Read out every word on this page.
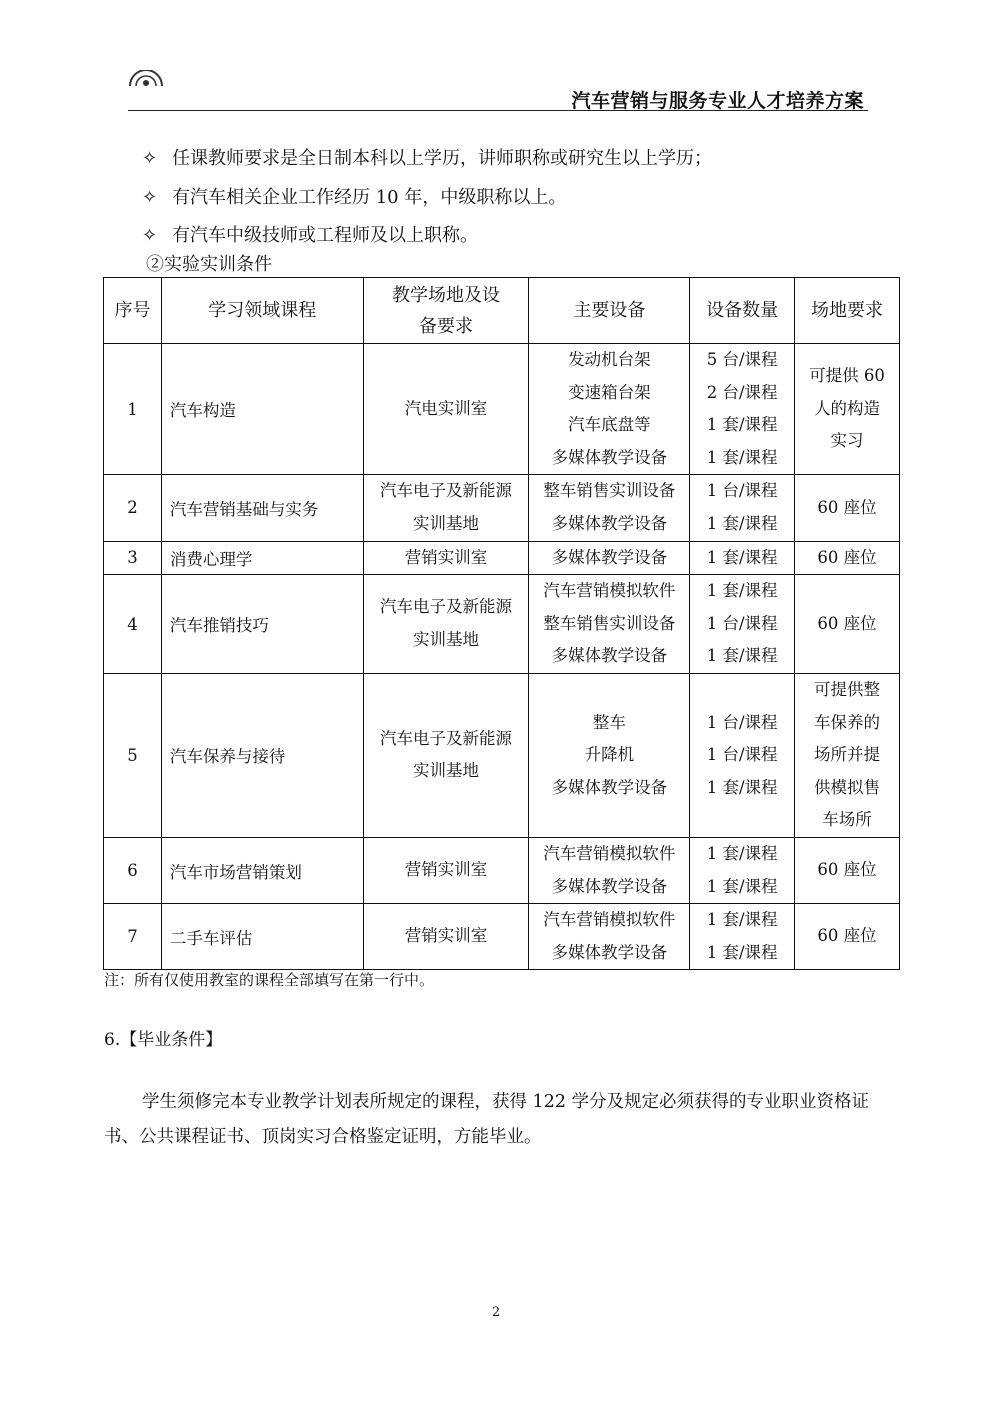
汽车营销与服务专业人才培养方案
✧ 任课教师要求是全日制本科以上学历，讲师职称或研究生以上学历；
✧ 有汽车相关企业工作经历 10 年，中级职称以上。
✧ 有汽车中级技师或工程师及以上职称。
②实验实训条件
序号	学习领域课程	教学场地及设备要求	主要设备	设备数量	场地要求
1	汽车构造	汽电实训室	发动机台架
变速箱台架
汽车底盘等
多媒体教学设备	5 台/课程
2 台/课程
1 套/课程
1 套/课程	可提供 60
人的构造
实习

2	汽车营销基础与实务	汽车电子及新能源
实训基地	整车销售实训设备
多媒体教学设备	1 台/课程
1 套/课程	60 座位

3	消费心理学	营销实训室	多媒体教学设备	1 套/课程	60 座位

4	汽车推销技巧	汽车电子及新能源
实训基地	汽车营销模拟软件
整车销售实训设备
多媒体教学设备	1 套/课程
1 台/课程
1 套/课程	60 座位

5	汽车保养与接待	汽车电子及新能源
实训基地	整车
升降机
多媒体教学设备	1 台/课程
1 台/课程
1 套/课程	可提供整
车保养的
场所并提
供模拟售
车场所

6	汽车市场营销策划	营销实训室	汽车营销模拟软件
多媒体教学设备	1 套/课程
1 套/课程	60 座位

7	二手车评估	营销实训室	汽车营销模拟软件
多媒体教学设备	1 套/课程
1 套/课程	60 座位
注：所有仅使用教室的课程全部填写在第一行中。
6.【毕业条件】
学生须修完本专业教学计划表所规定的课程，获得 122 学分及规定必须获得的专业职业资格证书、公共课程证书、顶岗实习合格鉴定证明，方能毕业。
2
